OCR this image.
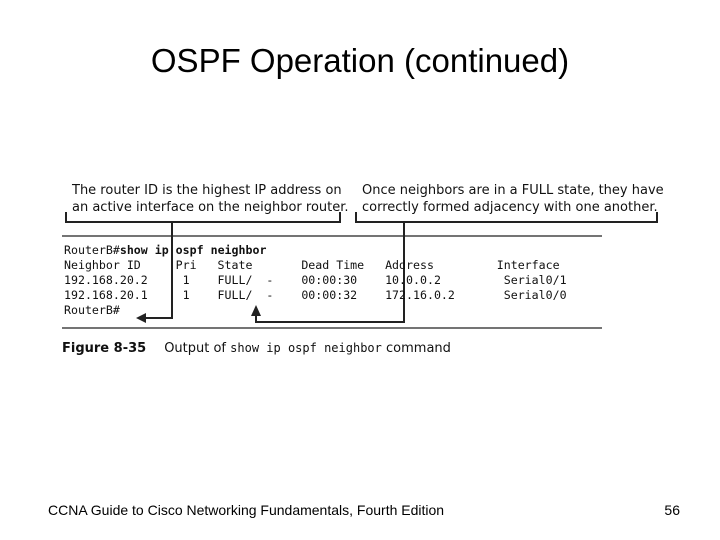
OSPF Operation (continued)
The router ID is the highest IP address on
an active interface on the neighbor router.
Once neighbors are in a FULL state, they have
correctly formed adjacency with one another.
RouterB#show ip ospf neighbor
Neighbor ID     Pri   State       Dead Time   Address         Interface
192.168.20.2     1    FULL/  -    00:00:30    10.0.0.2         Serial0/1
192.168.20.1     1    FULL/  -    00:00:32    172.16.0.2       Serial0/0
RouterB#
Figure 8-35 Output of show ip ospf neighbor command
CCNA Guide to Cisco Networking Fundamentals, Fourth Edition	56
